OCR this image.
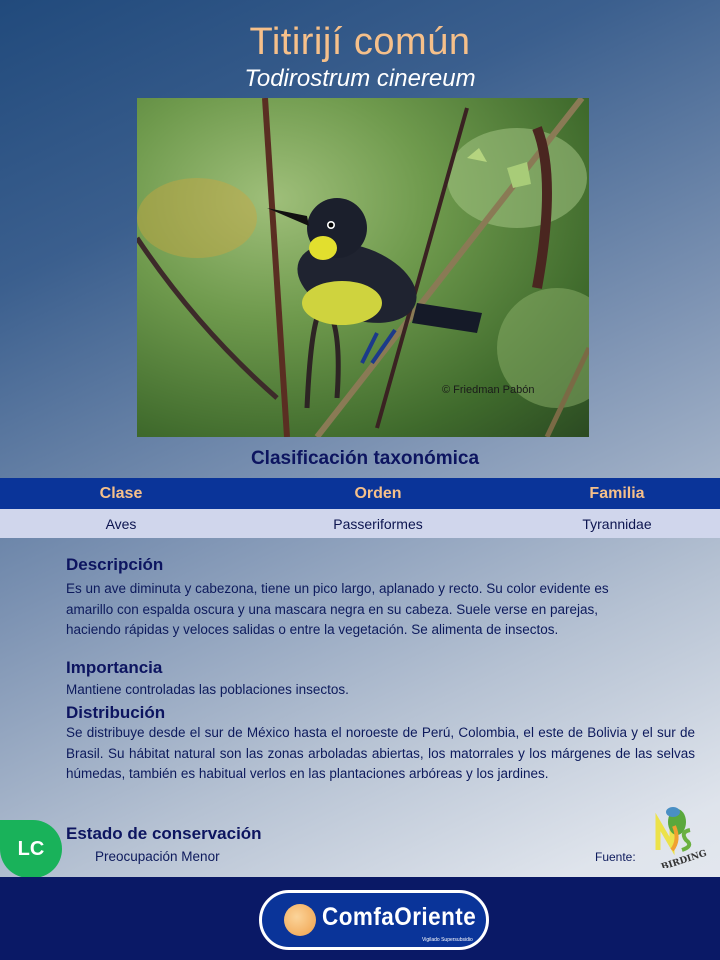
Titirijí común
Todirostrum cinereum
© Friedman Pabón
Clasificación taxonómica
Clase	Orden	Familia
Aves	Passeriformes	Tyrannidae
Descripción
Es un ave diminuta y cabezona, tiene un pico largo, aplanado y recto. Su color evidente es
amarillo con espalda oscura y una mascara negra en su cabeza. Suele verse en parejas,
haciendo rápidas y veloces salidas o entre la vegetación. Se alimenta de insectos.
Importancia
Mantiene controladas las poblaciones insectos.
Distribución
Se distribuye desde el sur de México hasta el noroeste de Perú, Colombia, el este de Bolivia y el sur de Brasil. Su hábitat natural son las zonas arboladas abiertas, los matorrales y los márgenes de las selvas húmedas, también es habitual verlos en las plantaciones arbóreas y los jardines.
LC
Estado de conservación
Preocupación Menor	Fuente:	BIRDING
ComfaOriente
Vigilado Supersubsidio
